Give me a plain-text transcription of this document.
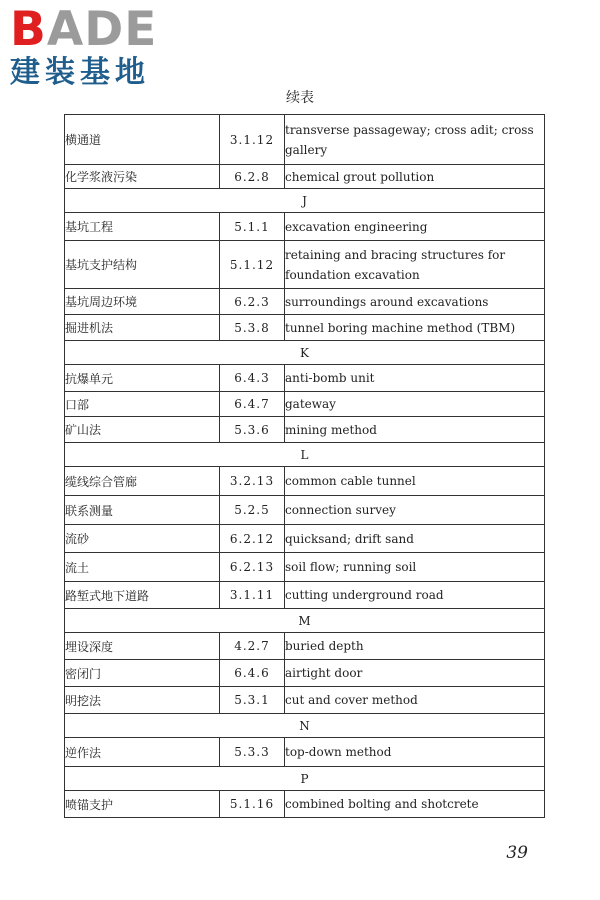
BADE
建装基地
续表
横通道	3.1.12	transverse passageway; cross adit; cross gallery
化学浆液污染	6.2.8	chemical grout pollution
J		
基坑工程	5.1.1	excavation engineering
基坑支护结构	5.1.12	retaining and bracing structures for foundation excavation
基坑周边环境	6.2.3	surroundings around excavations
掘进机法	5.3.8	tunnel boring machine method (TBM)
K		
抗爆单元	6.4.3	anti-bomb unit
口部	6.4.7	gateway
矿山法	5.3.6	mining method
L		
缆线综合管廊	3.2.13	common cable tunnel
联系测量	5.2.5	connection survey
流砂	6.2.12	quicksand; drift sand
流土	6.2.13	soil flow; running soil
路堑式地下道路	3.1.11	cutting underground road
M		
埋设深度	4.2.7	buried depth
密闭门	6.4.6	airtight door
明挖法	5.3.1	cut and cover method
N		
逆作法	5.3.3	top-down method
P		
喷锚支护	5.1.16	combined bolting and shotcrete
39
